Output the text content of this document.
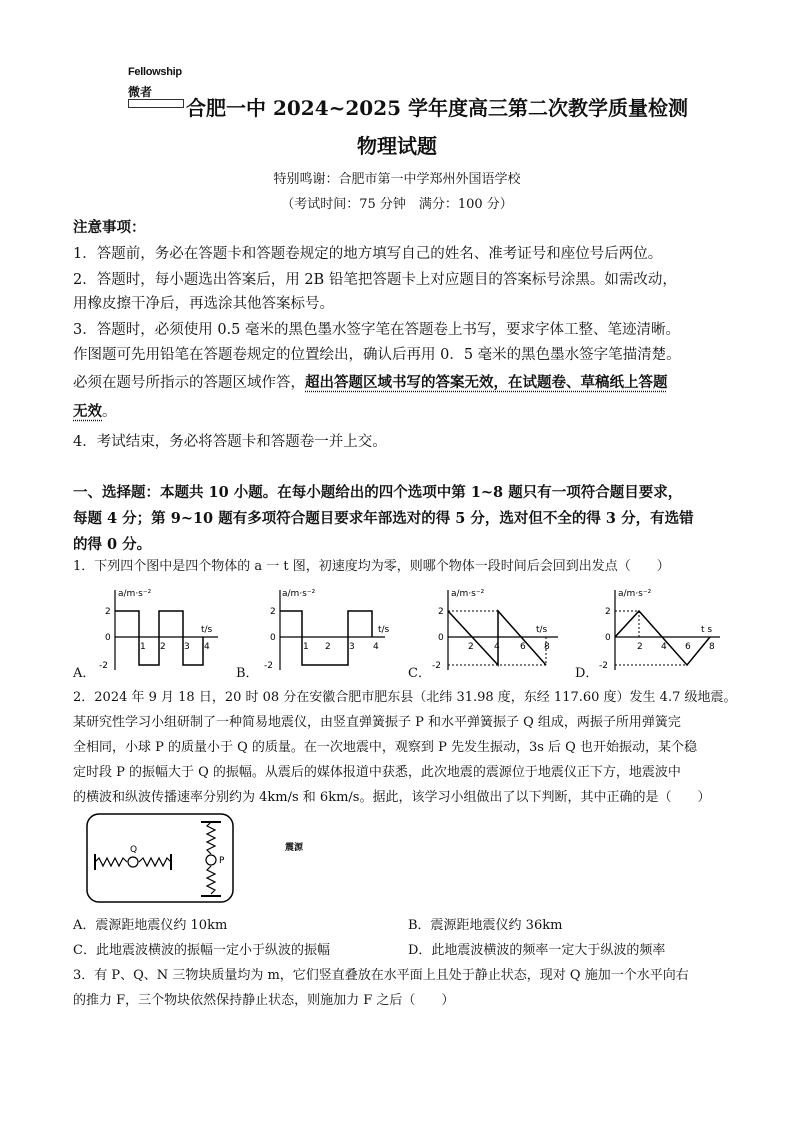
Fellowship
微者
合肥一中 2024~2025 学年度高三第二次教学质量检测
物理试题
特别鸣谢：合肥市第一中学郑州外国语学校
（考试时间：75 分钟　满分：100 分）
注意事项：
1．答题前，务必在答题卡和答题卷规定的地方填写自己的姓名、准考证号和座位号后两位。
2．答题时，每小题选出答案后，用 2B 铅笔把答题卡上对应题目的答案标号涂黑。如需改动，
用橡皮擦干净后，再选涂其他答案标号。
3．答题时，必须使用 0.5 毫米的黑色墨水签字笔在答题卷上书写，要求字体工整、笔迹清晰。
作图题可先用铅笔在答题卷规定的位置绘出，确认后再用 0．5 毫米的黑色墨水签字笔描清楚。
必须在题号所指示的答题区域作答，超出答题区域书写的答案无效，在试题卷、草稿纸上答题
无效。
4．考试结束，务必将答题卡和答题卷一并上交。
一、选择题：本题共 10 小题。在每小题给出的四个选项中第 1~8 题只有一项符合题目要求，
每题 4 分；第 9~10 题有多项符合题目要求年部选对的得 5 分，选对但不全的得 3 分，有选错
的得 0 分。
1．下列四个图中是四个物体的 a 一 t 图，初速度均为零，则哪个物体一段时间后会回到出发点（　　）
A．
a/m·s⁻²
t/s
2
0
-2
1 2 3 4
B．
a/m·s⁻²
t/s
2
0
-2
1 2 3 4
C．
a/m·s⁻²
t/s
2
0
-2
2 4 6 8
D．
a/m·s⁻²
t s
2
0
-2
2 4 6 8
2．2024 年 9 月 18 日，20 时 08 分在安徽合肥市肥东县（北纬 31.98 度，东经 117.60 度）发生 4.7 级地震。
某研究性学习小组研制了一种简易地震仪，由竖直弹簧振子 P 和水平弹簧振子 Q 组成，两振子所用弹簧完
全相同，小球 P 的质量小于 Q 的质量。在一次地震中，观察到 P 先发生振动，3s 后 Q 也开始振动，某个稳
定时段 P 的振幅大于 Q 的振幅。从震后的媒体报道中获悉，此次地震的震源位于地震仪正下方，地震波中
的横波和纵波传播速率分别约为 4km/s 和 6km/s。据此，该学习小组做出了以下判断，其中正确的是（　　）
Q
P
震源
A．震源距地震仪约 10km	B．震源距地震仪约 36km
C．此地震波横波的振幅一定小于纵波的振幅	D．此地震波横波的频率一定大于纵波的频率
3．有 P、Q、N 三物块质量均为 m，它们竖直叠放在水平面上且处于静止状态，现对 Q 施加一个水平向右
的推力 F，三个物块依然保持静止状态，则施加力 F 之后（　　）
